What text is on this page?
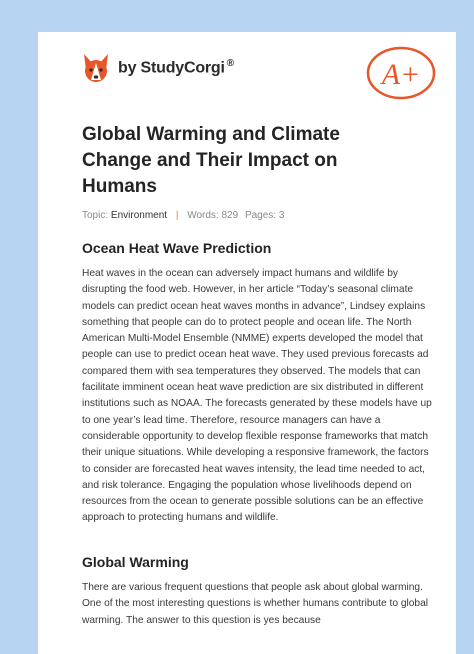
by StudyCorgi ®	A+
Global Warming and Climate Change and Their Impact on Humans
Topic: Environment | Words: 829 Pages: 3
Ocean Heat Wave Prediction

Heat waves in the ocean can adversely impact humans and wildlife by disrupting the food web. However, in her article “Today’s seasonal climate models can predict ocean heat waves months in advance”, Lindsey explains something that people can do to protect people and ocean life. The North American Multi-Model Ensemble (NMME) experts developed the model that people can use to predict ocean heat wave. They used previous forecasts ad compared them with sea temperatures they observed. The models that can facilitate imminent ocean heat wave prediction are six distributed in different institutions such as NOAA. The forecasts generated by these models have up to one year’s lead time. Therefore, resource managers can have a considerable opportunity to develop flexible response frameworks that match their unique situations. While developing a responsive framework, the factors to consider are forecasted heat waves intensity, the lead time needed to act, and risk tolerance. Engaging the population whose livelihoods depend on resources from the ocean to generate possible solutions can be an effective approach to protecting humans and wildlife.

Global Warming

There are various frequent questions that people ask about global warming. One of the most interesting questions is whether humans contribute to global warming. The answer to this question is yes because
